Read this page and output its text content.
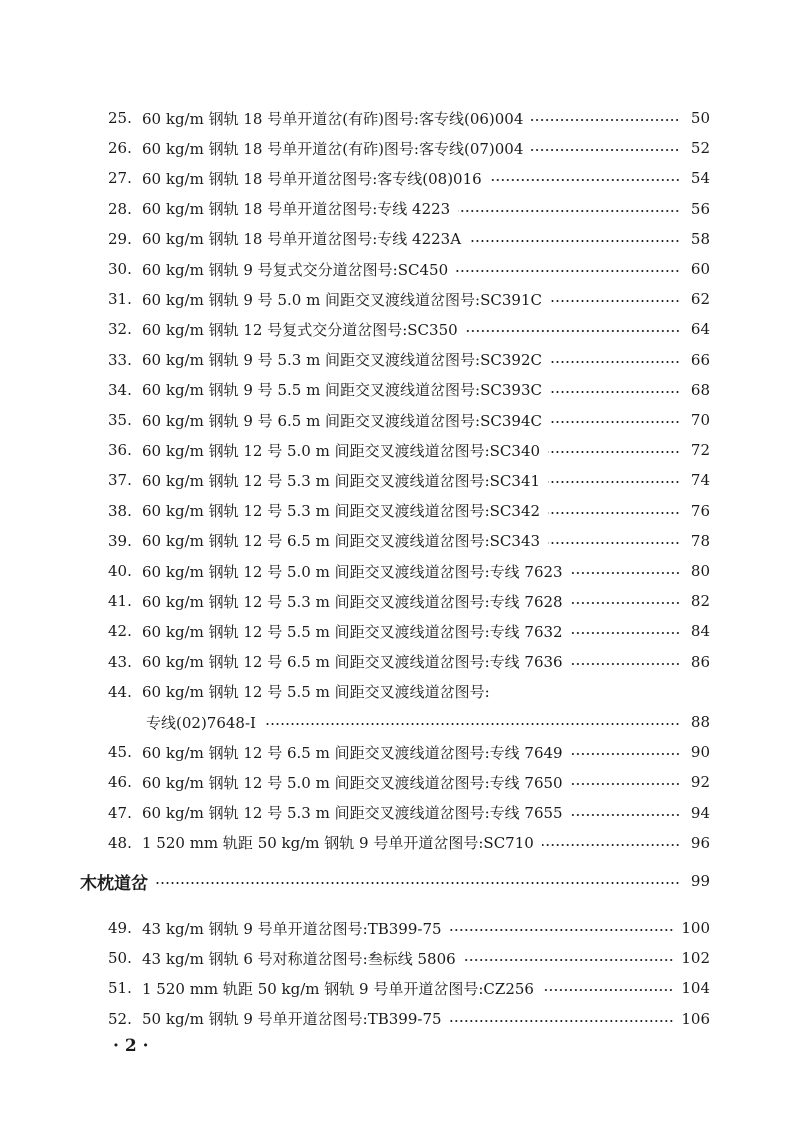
25. 60 kg/m 钢轨 18 号单开道岔(有砟)图号:客专线(06)004	50
26. 60 kg/m 钢轨 18 号单开道岔(有砟)图号:客专线(07)004	52
27. 60 kg/m 钢轨 18 号单开道岔图号:客专线(08)016	54
28. 60 kg/m 钢轨 18 号单开道岔图号:专线 4223	56
29. 60 kg/m 钢轨 18 号单开道岔图号:专线 4223A	58
30. 60 kg/m 钢轨 9 号复式交分道岔图号:SC450	60
31. 60 kg/m 钢轨 9 号 5.0 m 间距交叉渡线道岔图号:SC391C	62
32. 60 kg/m 钢轨 12 号复式交分道岔图号:SC350	64
33. 60 kg/m 钢轨 9 号 5.3 m 间距交叉渡线道岔图号:SC392C	66
34. 60 kg/m 钢轨 9 号 5.5 m 间距交叉渡线道岔图号:SC393C	68
35. 60 kg/m 钢轨 9 号 6.5 m 间距交叉渡线道岔图号:SC394C	70
36. 60 kg/m 钢轨 12 号 5.0 m 间距交叉渡线道岔图号:SC340	72
37. 60 kg/m 钢轨 12 号 5.3 m 间距交叉渡线道岔图号:SC341	74
38. 60 kg/m 钢轨 12 号 5.3 m 间距交叉渡线道岔图号:SC342	76
39. 60 kg/m 钢轨 12 号 6.5 m 间距交叉渡线道岔图号:SC343	78
40. 60 kg/m 钢轨 12 号 5.0 m 间距交叉渡线道岔图号:专线 7623	80
41. 60 kg/m 钢轨 12 号 5.3 m 间距交叉渡线道岔图号:专线 7628	82
42. 60 kg/m 钢轨 12 号 5.5 m 间距交叉渡线道岔图号:专线 7632	84
43. 60 kg/m 钢轨 12 号 6.5 m 间距交叉渡线道岔图号:专线 7636	86
44. 60 kg/m 钢轨 12 号 5.5 m 间距交叉渡线道岔图号:
专线(02)7648-Ⅰ	88
45. 60 kg/m 钢轨 12 号 6.5 m 间距交叉渡线道岔图号:专线 7649	90
46. 60 kg/m 钢轨 12 号 5.0 m 间距交叉渡线道岔图号:专线 7650	92
47. 60 kg/m 钢轨 12 号 5.3 m 间距交叉渡线道岔图号:专线 7655	94
48. 1 520 mm 轨距 50 kg/m 钢轨 9 号单开道岔图号:SC710	96
木枕道岔	99
49. 43 kg/m 钢轨 9 号单开道岔图号:TB399-75	100
50. 43 kg/m 钢轨 6 号对称道岔图号:叁标线 5806	102
51. 1 520 mm 轨距 50 kg/m 钢轨 9 号单开道岔图号:CZ256	104
52. 50 kg/m 钢轨 9 号单开道岔图号:TB399-75	106
· 2 ·
